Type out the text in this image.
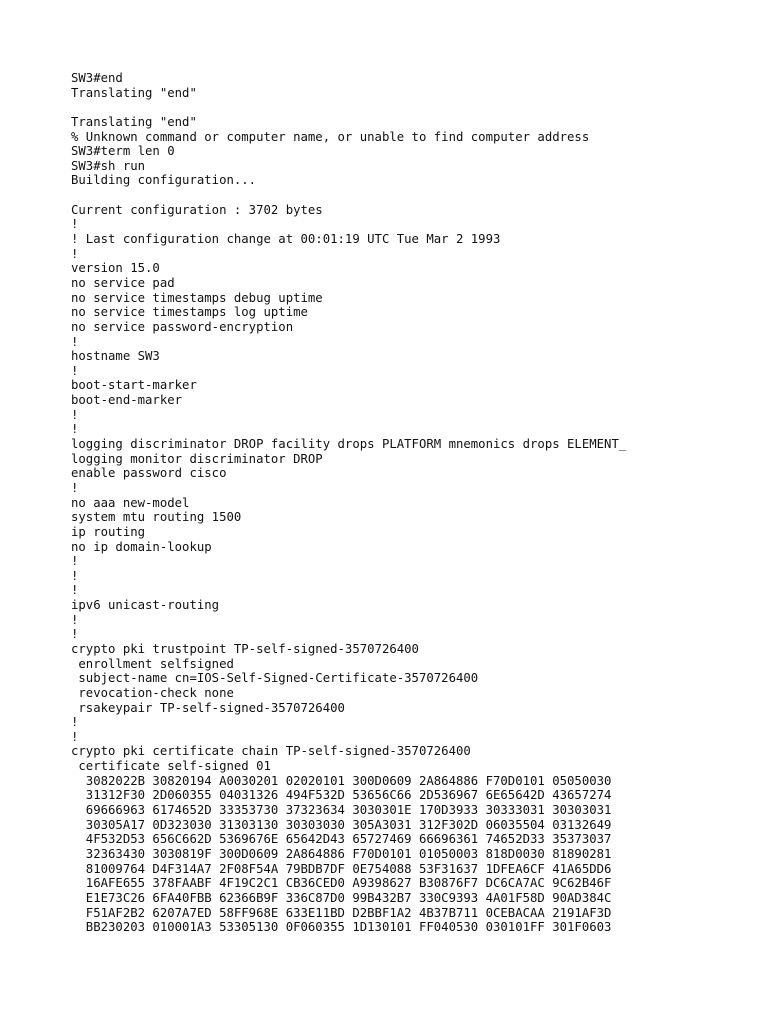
SW3#end
Translating "end"
Translating "end"
% Unknown command or computer name, or unable to find computer address
SW3#term len 0
SW3#sh run
Building configuration...
Current configuration : 3702 bytes
!
! Last configuration change at 00:01:19 UTC Tue Mar 2 1993
!
version 15.0
no service pad
no service timestamps debug uptime
no service timestamps log uptime
no service password-encryption
!
hostname SW3
!
boot-start-marker
boot-end-marker
!
!
logging discriminator DROP facility drops PLATFORM mnemonics drops ELEMENT_
logging monitor discriminator DROP
enable password cisco
!
no aaa new-model
system mtu routing 1500
ip routing
no ip domain-lookup
!
!
!
ipv6 unicast-routing
!
!
crypto pki trustpoint TP-self-signed-3570726400
enrollment selfsigned
subject-name cn=IOS-Self-Signed-Certificate-3570726400
revocation-check none
rsakeypair TP-self-signed-3570726400
!
!
crypto pki certificate chain TP-self-signed-3570726400
certificate self-signed 01
3082022B 30820194 A0030201 02020101 300D0609 2A864886 F70D0101 05050030
31312F30 2D060355 04031326 494F532D 53656C66 2D536967 6E65642D 43657274
69666963 6174652D 33353730 37323634 3030301E 170D3933 30333031 30303031
30305A17 0D323030 31303130 30303030 305A3031 312F302D 06035504 03132649
4F532D53 656C662D 5369676E 65642D43 65727469 66696361 74652D33 35373037
32363430 3030819F 300D0609 2A864886 F70D0101 01050003 818D0030 81890281
81009764 D4F314A7 2F08F54A 79BDB7DF 0E754088 53F31637 1DFEA6CF 41A65DD6
16AFE655 378FAABF 4F19C2C1 CB36CED0 A9398627 B30876F7 DC6CA7AC 9C62B46F
E1E73C26 6FA40FBB 62366B9F 336C87D0 99B432B7 330C9393 4A01F58D 90AD384C
F51AF2B2 6207A7ED 58FF968E 633E11BD D2BBF1A2 4B37B711 0CEBACAA 2191AF3D
BB230203 010001A3 53305130 0F060355 1D130101 FF040530 030101FF 301F0603
